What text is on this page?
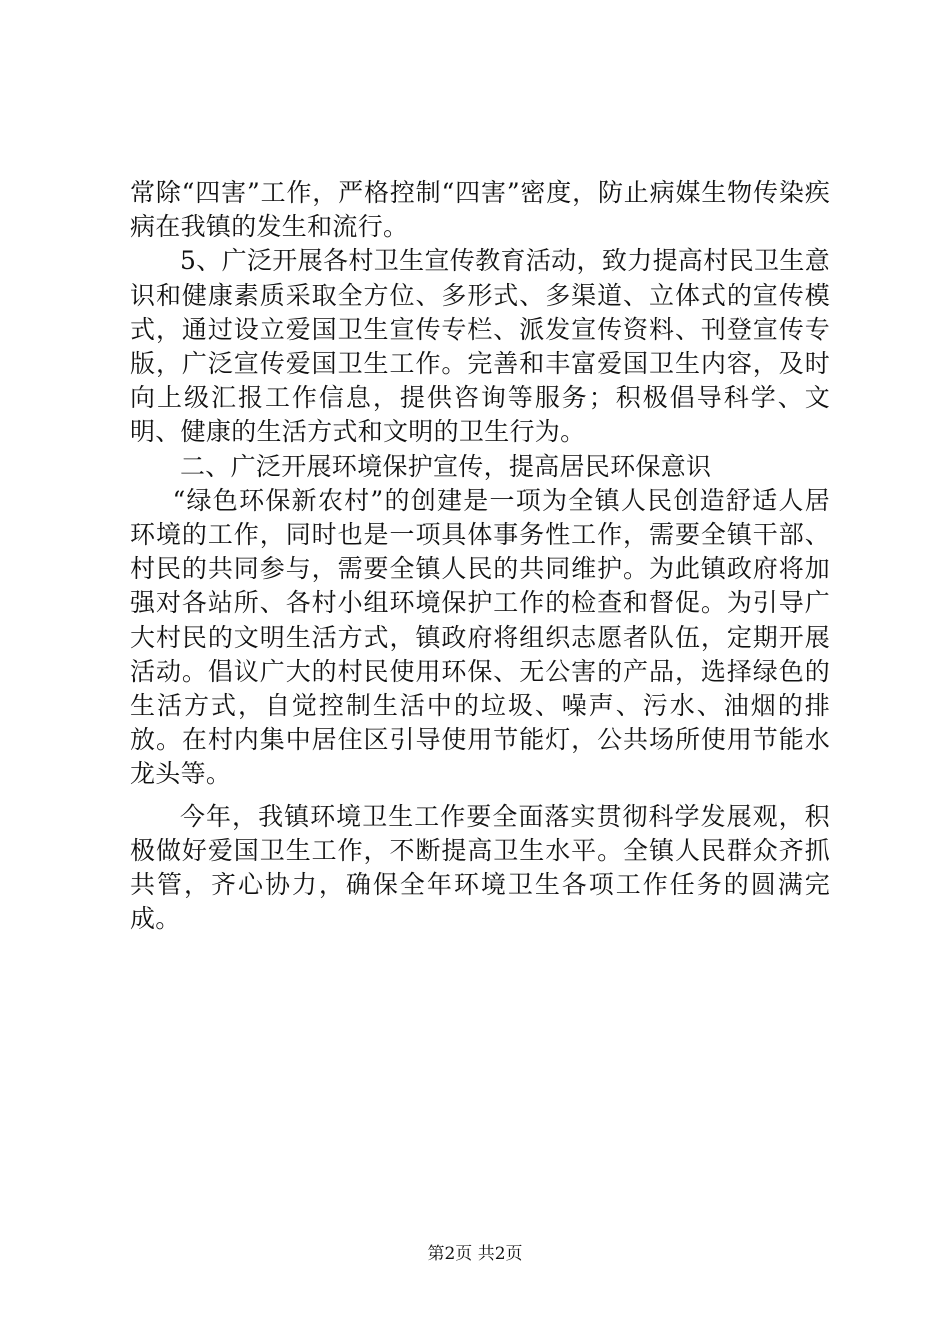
常除“四害”工作，严格控制“四害”密度，防止病媒生物传染疾病在我镇的发生和流行。

5、广泛开展各村卫生宣传教育活动，致力提高村民卫生意识和健康素质采取全方位、多形式、多渠道、立体式的宣传模式，通过设立爱国卫生宣传专栏、派发宣传资料、刊登宣传专版，广泛宣传爱国卫生工作。完善和丰富爱国卫生内容，及时向上级汇报工作信息，提供咨询等服务；积极倡导科学、文明、健康的生活方式和文明的卫生行为。

二、广泛开展环境保护宣传，提高居民环保意识

“绿色环保新农村”的创建是一项为全镇人民创造舒适人居环境的工作，同时也是一项具体事务性工作，需要全镇干部、村民的共同参与，需要全镇人民的共同维护。为此镇政府将加强对各站所、各村小组环境保护工作的检查和督促。为引导广大村民的文明生活方式，镇政府将组织志愿者队伍，定期开展活动。倡议广大的村民使用环保、无公害的产品，选择绿色的生活方式，自觉控制生活中的垃圾、噪声、污水、油烟的排放。在村内集中居住区引导使用节能灯，公共场所使用节能水龙头等。

今年，我镇环境卫生工作要全面落实贯彻科学发展观，积极做好爱国卫生工作，不断提高卫生水平。全镇人民群众齐抓共管，齐心协力，确保全年环境卫生各项工作任务的圆满完成。

第2页 共2页
